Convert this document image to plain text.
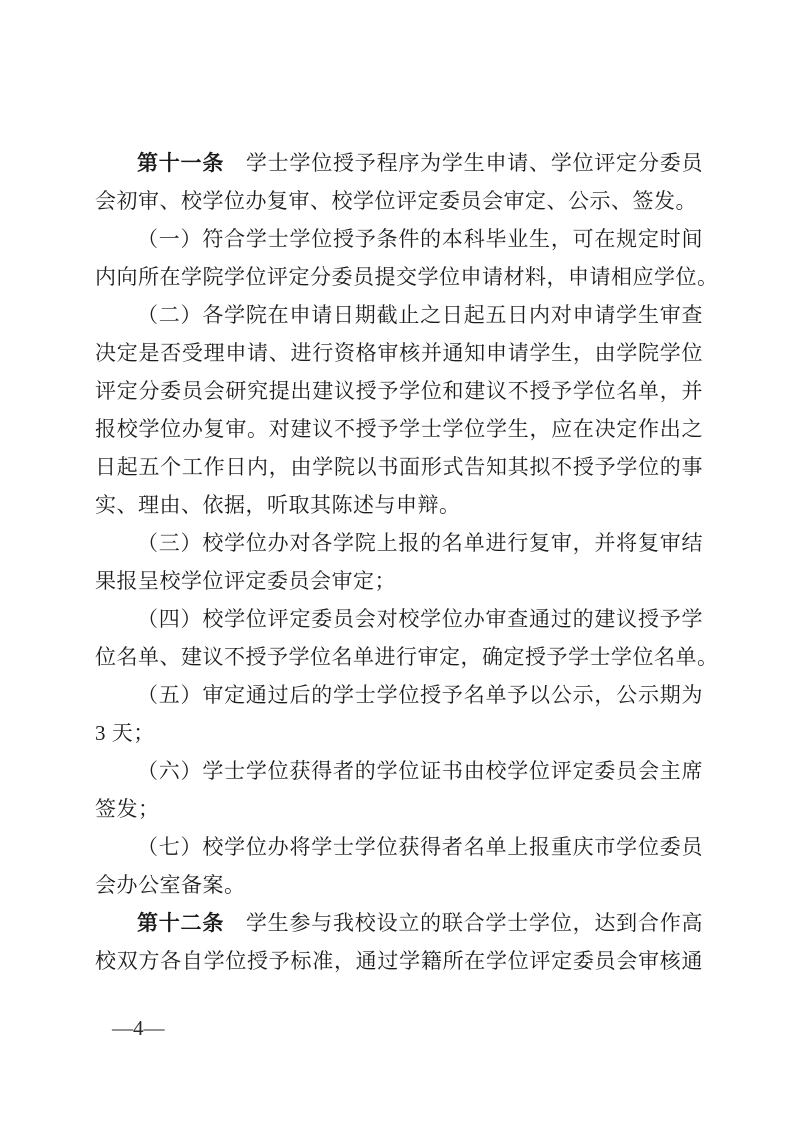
第十一条　学士学位授予程序为学生申请、学位评定分委员
会初审、校学位办复审、校学位评定委员会审定、公示、签发。
（一）符合学士学位授予条件的本科毕业生，可在规定时间
内向所在学院学位评定分委员提交学位申请材料，申请相应学位。
（二）各学院在申请日期截止之日起五日内对申请学生审查
决定是否受理申请、进行资格审核并通知申请学生，由学院学位
评定分委员会研究提出建议授予学位和建议不授予学位名单，并
报校学位办复审。对建议不授予学士学位学生，应在决定作出之
日起五个工作日内，由学院以书面形式告知其拟不授予学位的事
实、理由、依据，听取其陈述与申辩。
（三）校学位办对各学院上报的名单进行复审，并将复审结
果报呈校学位评定委员会审定；
（四）校学位评定委员会对校学位办审查通过的建议授予学
位名单、建议不授予学位名单进行审定，确定授予学士学位名单。
（五）审定通过后的学士学位授予名单予以公示，公示期为
3 天；
（六）学士学位获得者的学位证书由校学位评定委员会主席
签发；
（七）校学位办将学士学位获得者名单上报重庆市学位委员
会办公室备案。
第十二条　学生参与我校设立的联合学士学位，达到合作高
校双方各自学位授予标准，通过学籍所在学位评定委员会审核通
—4—
